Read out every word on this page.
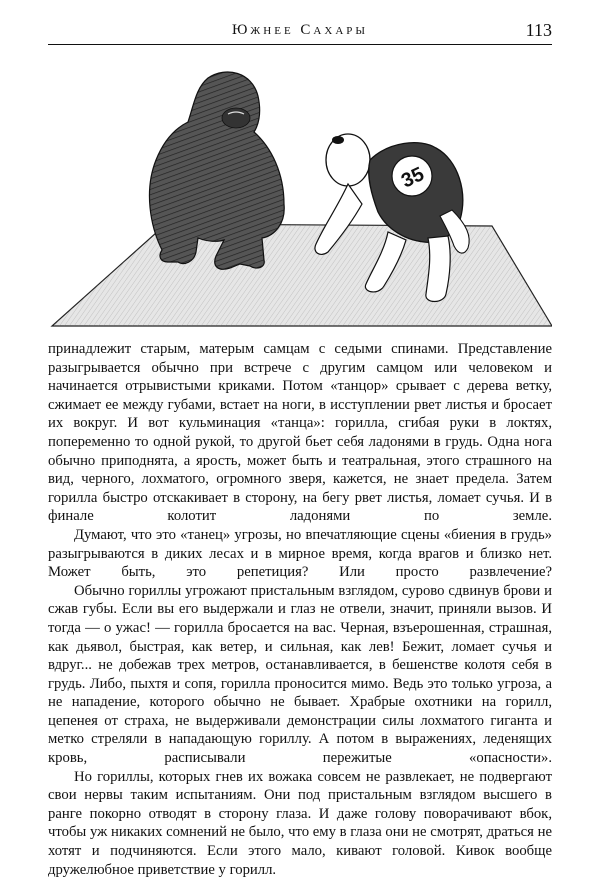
Южнее Сахары	113
35

принадлежит старым, матерым самцам с седыми спинами. Представление разыгрывается обычно при встрече с другим самцом или человеком и начинается отрывистыми криками. Потом «танцор» срывает с дерева ветку, сжимает ее между губами, встает на ноги, в исступлении рвет листья и бросает их вокруг. И вот кульминация «танца»: горилла, сгибая руки в локтях, попеременно то одной рукой, то другой бьет себя ладонями в грудь. Одна нога обычно приподнята, а ярость, может быть и театральная, этого страшного на вид, черного, лохматого, огромного зверя, кажется, не знает предела. Затем горилла быстро отскакивает в сторону, на бегу рвет листья, ломает сучья. И в финале колотит ладонями по земле.

Думают, что это «танец» угрозы, но впечатляющие сцены «биения в грудь» разыгрываются в диких лесах и в мирное время, когда врагов и близко нет. Может быть, это репетиция? Или просто развлечение?

Обычно гориллы угрожают пристальным взглядом, сурово сдвинув брови и сжав губы. Если вы его выдержали и глаз не отвели, значит, приняли вызов. И тогда — о ужас! — горилла бросается на вас. Черная, взъерошенная, страшная, как дьявол, быстрая, как ветер, и сильная, как лев! Бежит, ломает сучья и вдруг... не добежав трех метров, останавливается, в бешенстве колотя себя в грудь. Либо, пыхтя и сопя, горилла проносится мимо. Ведь это только угроза, а не нападение, которого обычно не бывает. Храбрые охотники на горилл, цепенея от страха, не выдерживали демонстрации силы лохматого гиганта и метко стреляли в нападающую гориллу. А потом в выражениях, леденящих кровь, расписывали пережитые «опасности».

Но гориллы, которых гнев их вожака совсем не развлекает, не подвергают свои нервы таким испытаниям. Они под пристальным взглядом высшего в ранге покорно отводят в сторону глаза. И даже голову поворачивают вбок, чтобы уж никаких сомнений не было, что ему в глаза они не смотрят, драться не хотят и подчиняются. Если этого мало, кивают головой. Кивок вообще дружелюбное приветствие у горилл.
